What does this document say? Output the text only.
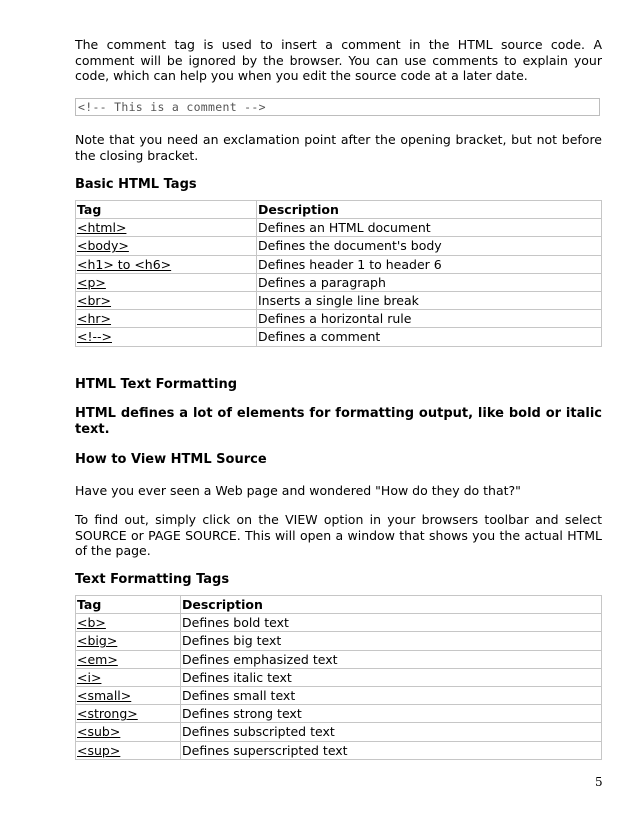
The comment tag is used to insert a comment in the HTML source code. A comment will be ignored by the browser. You can use comments to explain your code, which can help you when you edit the source code at a later date.

<!-- This is a comment -->

Note that you need an exclamation point after the opening bracket, but not before the closing bracket.

Basic HTML Tags
Tag	Description
<html>	Defines an HTML document
<body>	Defines the document's body
<h1> to <h6>	Defines header 1 to header 6
<p>	Defines a paragraph
<br>	Inserts a single line break
<hr>	Defines a horizontal rule
<!-->	Defines a comment
HTML Text Formatting

HTML defines a lot of elements for formatting output, like bold or italic text.

How to View HTML Source

Have you ever seen a Web page and wondered "How do they do that?"

To find out, simply click on the VIEW option in your browsers toolbar and select SOURCE or PAGE SOURCE. This will open a window that shows you the actual HTML of the page.

Text Formatting Tags
Tag	Description
<b>	Defines bold text
<big>	Defines big text
<em>	Defines emphasized text
<i>	Defines italic text
<small>	Defines small text
<strong>	Defines strong text
<sub>	Defines subscripted text
<sup>	Defines superscripted text
5
